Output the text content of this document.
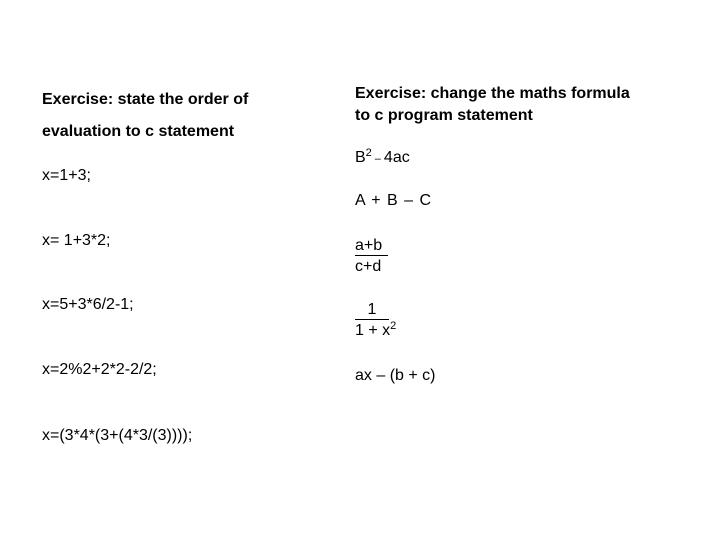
Exercise: state the order of
evaluation to c statement
x=1+3;
x= 1+3*2;
x=5+3*6/2-1;
x=2%2+2*2-2/2;
x=(3*4*(3+(4*3/(3))));
Exercise: change the maths formula
to c program statement
$B^2 - 4ac$
A + B – C
$\frac{a+b}{c+d}$
$\frac{1}{1 + x^2}$
ax – (b + c)
